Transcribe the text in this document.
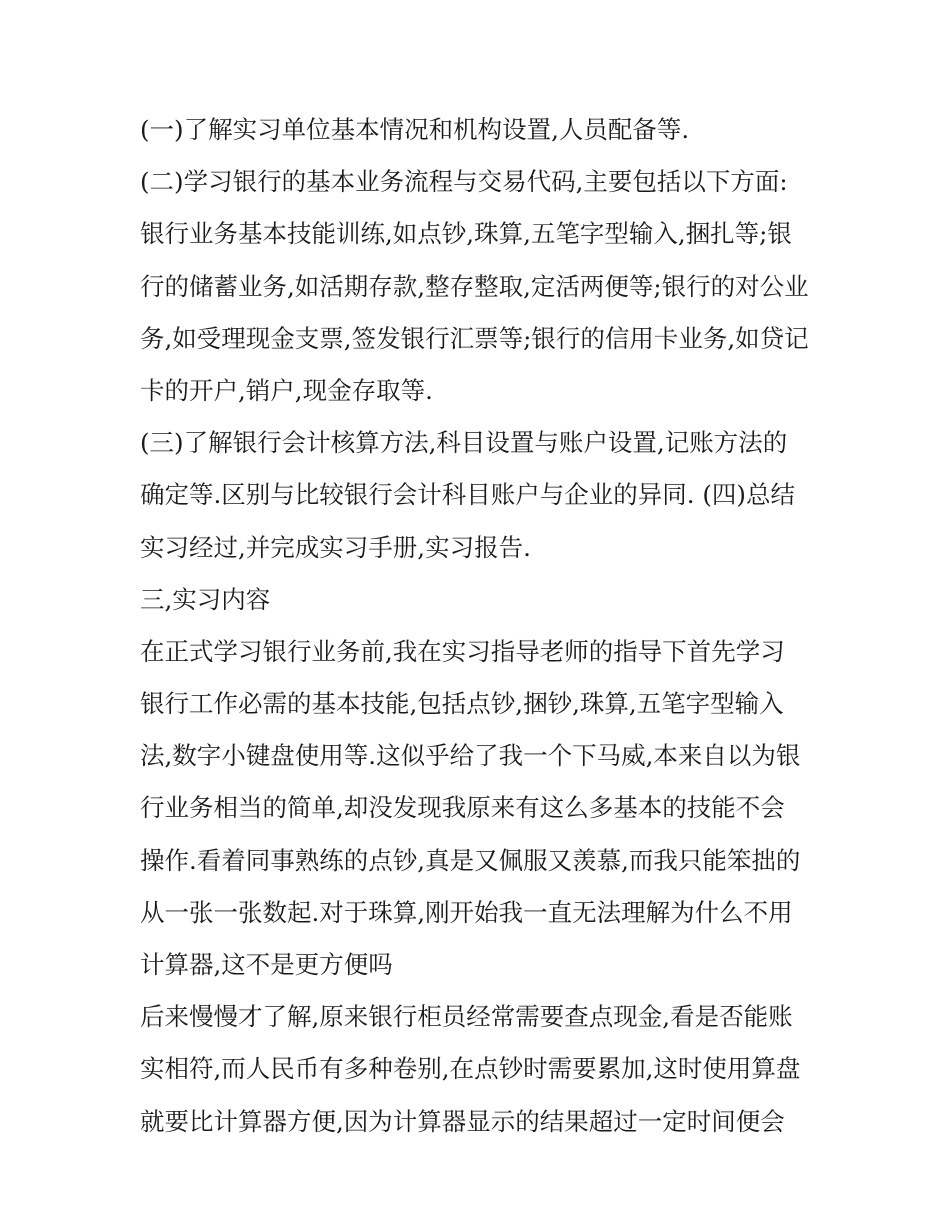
(一)了解实习单位基本情况和机构设置,人员配备等.
(二)学习银行的基本业务流程与交易代码,主要包括以下方面:
银行业务基本技能训练,如点钞,珠算,五笔字型输入,捆扎等;银
行的储蓄业务,如活期存款,整存整取,定活两便等;银行的对公业
务,如受理现金支票,签发银行汇票等;银行的信用卡业务,如贷记
卡的开户,销户,现金存取等.
(三)了解银行会计核算方法,科目设置与账户设置,记账方法的
确定等.区别与比较银行会计科目账户与企业的异同. (四)总结
实习经过,并完成实习手册,实习报告.
三,实习内容
在正式学习银行业务前,我在实习指导老师的指导下首先学习
银行工作必需的基本技能,包括点钞,捆钞,珠算,五笔字型输入
法,数字小键盘使用等.这似乎给了我一个下马威,本来自以为银
行业务相当的简单,却没发现我原来有这么多基本的技能不会
操作.看着同事熟练的点钞,真是又佩服又羡慕,而我只能笨拙的
从一张一张数起.对于珠算,刚开始我一直无法理解为什么不用
计算器,这不是更方便吗
后来慢慢才了解,原来银行柜员经常需要查点现金,看是否能账
实相符,而人民币有多种卷别,在点钞时需要累加,这时使用算盘
就要比计算器方便,因为计算器显示的结果超过一定时间便会
